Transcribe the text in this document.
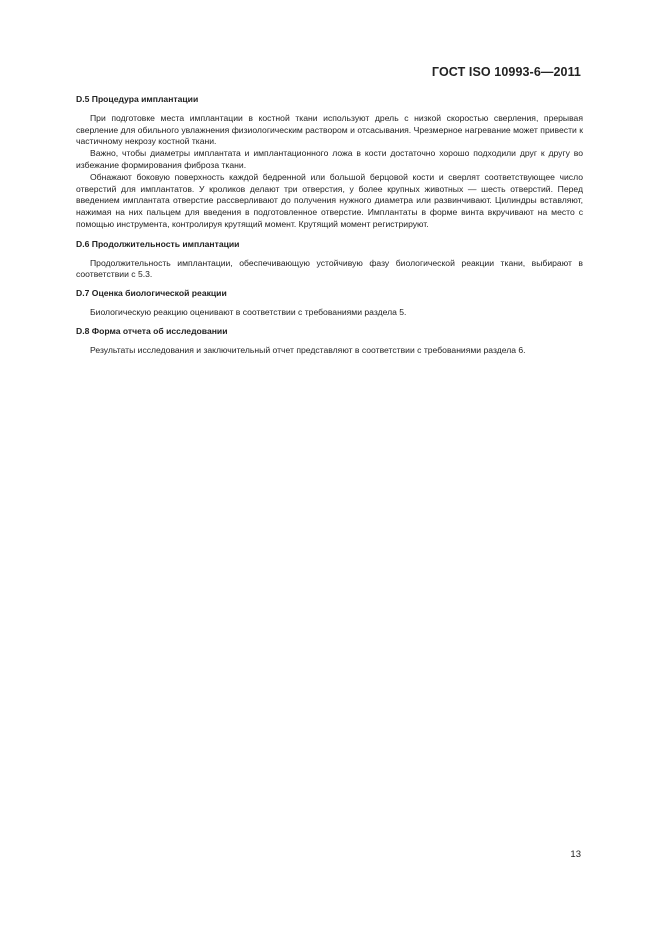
ГОСТ ISO 10993-6—2011
D.5 Процедура имплантации

При подготовке места имплантации в костной ткани используют дрель с низкой скоростью сверления, прерывая сверление для обильного увлажнения физиологическим раствором и отсасывания. Чрезмерное нагревание может привести к частичному некрозу костной ткани.

Важно, чтобы диаметры имплантата и имплантационного ложа в кости достаточно хорошо подходили друг к другу во избежание формирования фиброза ткани.

Обнажают боковую поверхность каждой бедренной или большой берцовой кости и сверлят соответствующее число отверстий для имплантатов. У кроликов делают три отверстия, у более крупных животных — шесть отверстий. Перед введением имплантата отверстие рассверливают до получения нужного диаметра или развинчивают. Цилиндры вставляют, нажимая на них пальцем для введения в подготовленное отверстие. Имплантаты в форме винта вкручивают на место с помощью инструмента, контролируя крутящий момент. Крутящий момент регистрируют.

D.6 Продолжительность имплантации

Продолжительность имплантации, обеспечивающую устойчивую фазу биологической реакции ткани, выбирают в соответствии с 5.3.

D.7 Оценка биологической реакции

Биологическую реакцию оценивают в соответствии с требованиями раздела 5.

D.8 Форма отчета об исследовании

Результаты исследования и заключительный отчет представляют в соответствии с требованиями раздела 6.

13
